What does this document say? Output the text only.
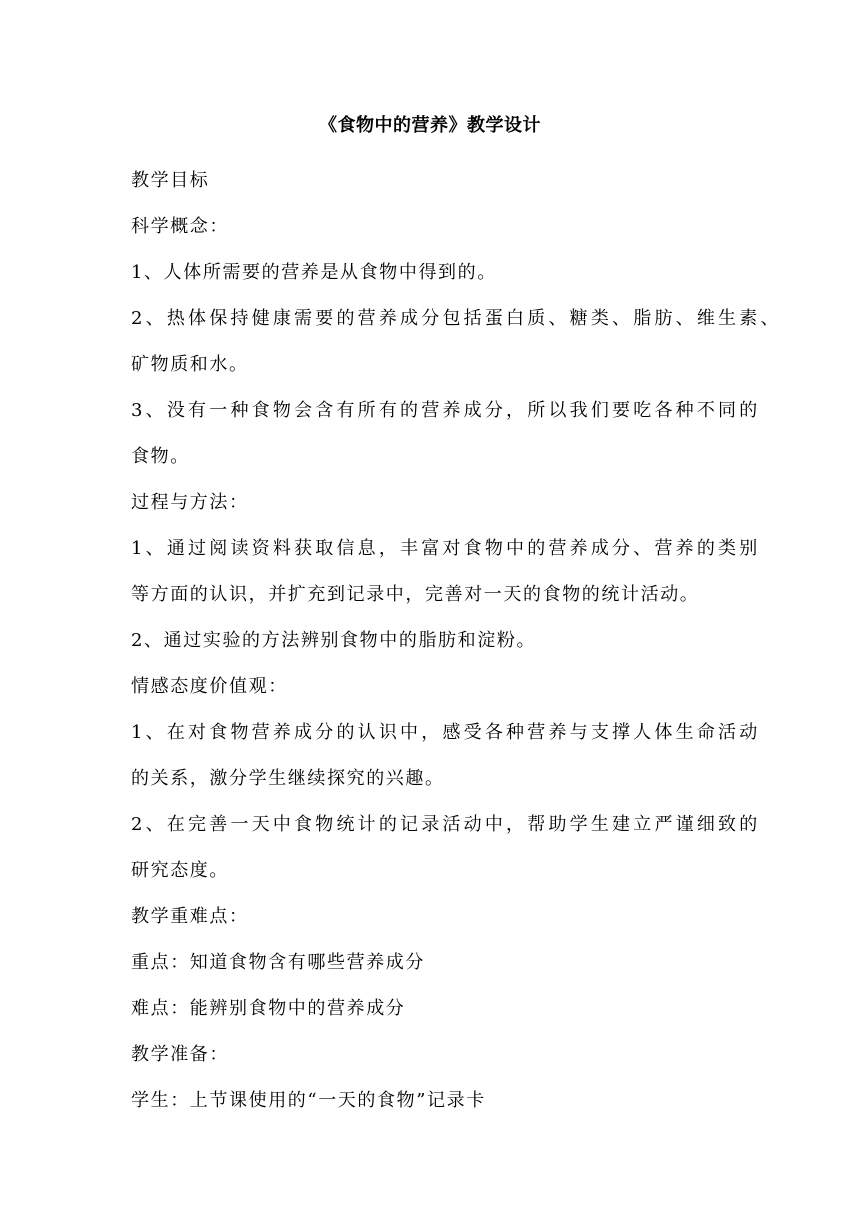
《食物中的营养》教学设计
教学目标
科学概念：
1、人体所需要的营养是从食物中得到的。
2、热体保持健康需要的营养成分包括蛋白质、糖类、脂肪、维生素、
矿物质和水。
3、没有一种食物会含有所有的营养成分，所以我们要吃各种不同的
食物。
过程与方法：
1、通过阅读资料获取信息，丰富对食物中的营养成分、营养的类别
等方面的认识，并扩充到记录中，完善对一天的食物的统计活动。
2、通过实验的方法辨别食物中的脂肪和淀粉。
情感态度价值观：
1、在对食物营养成分的认识中，感受各种营养与支撑人体生命活动
的关系，激分学生继续探究的兴趣。
2、在完善一天中食物统计的记录活动中，帮助学生建立严谨细致的
研究态度。
教学重难点：
重点：知道食物含有哪些营养成分
难点：能辨别食物中的营养成分
教学准备：
学生：上节课使用的“一天的食物”记录卡
